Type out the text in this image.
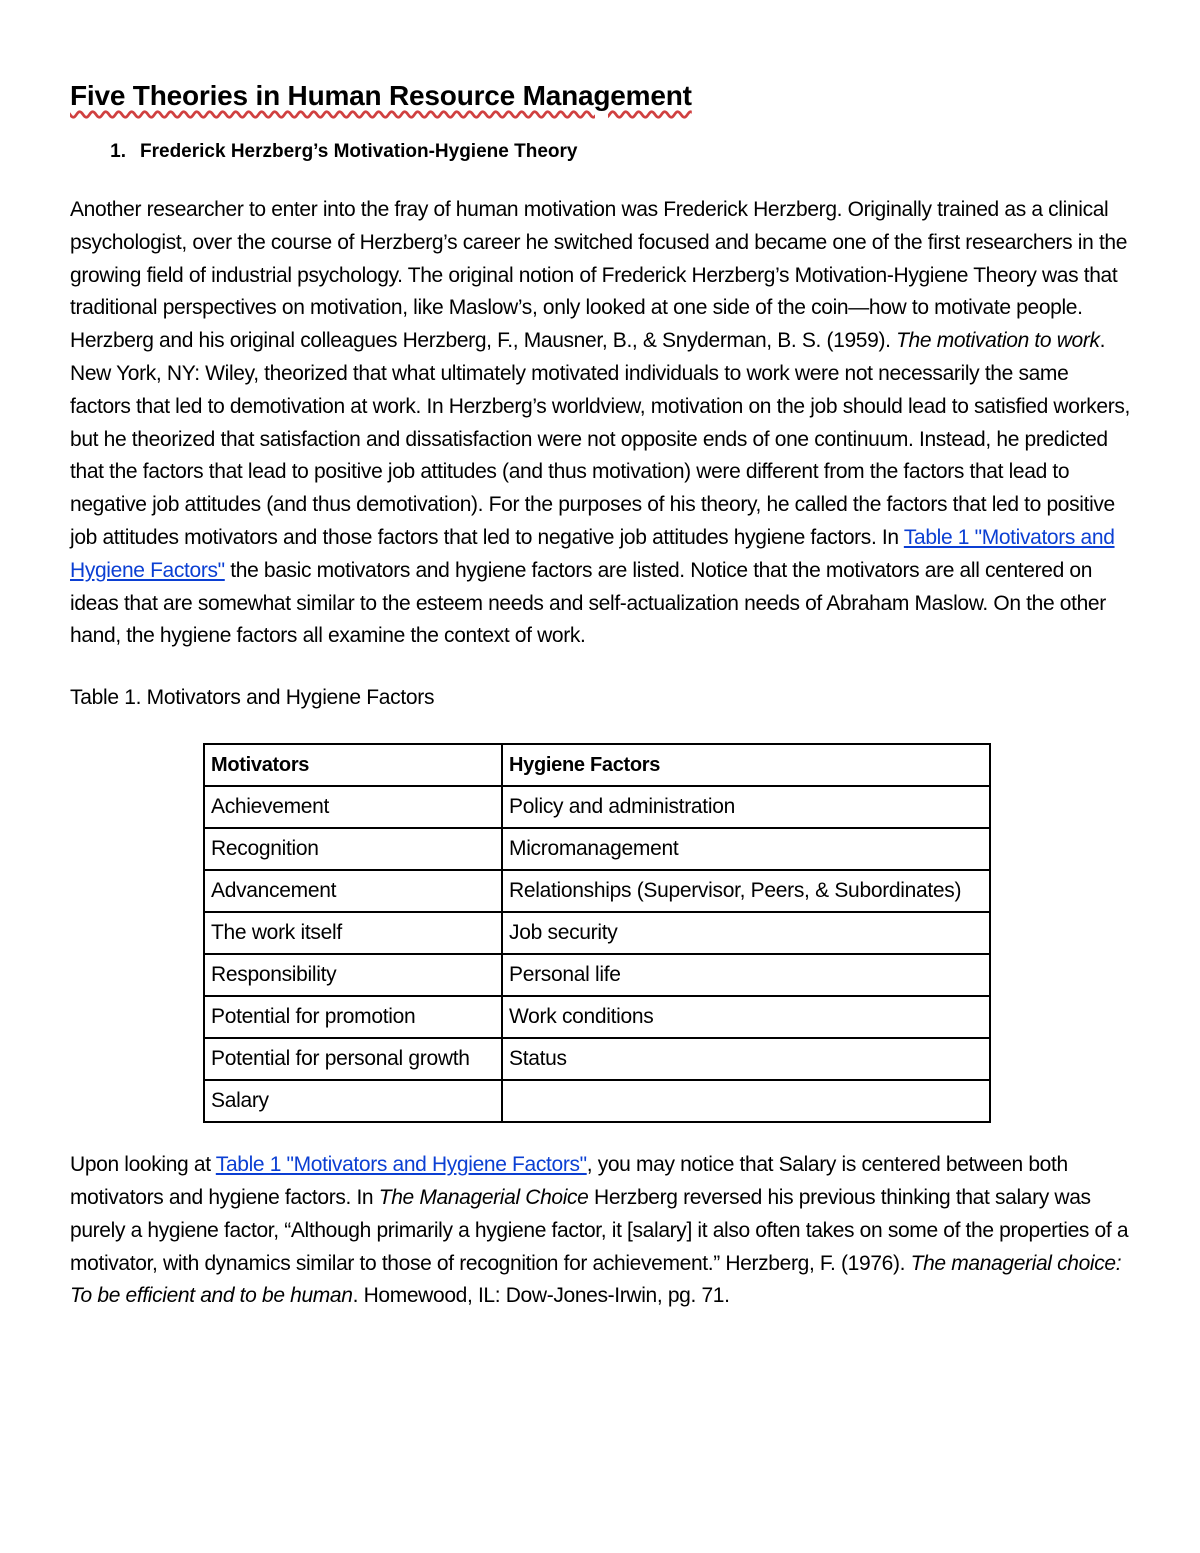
Five Theories in Human Resource Management
1. Frederick Herzberg’s Motivation-Hygiene Theory

Another researcher to enter into the fray of human motivation was Frederick Herzberg. Originally trained as a clinical psychologist, over the course of Herzberg’s career he switched focused and became one of the first researchers in the growing field of industrial psychology. The original notion of Frederick Herzberg’s Motivation-Hygiene Theory was that traditional perspectives on motivation, like Maslow’s, only looked at one side of the coin—how to motivate people. Herzberg and his original colleagues Herzberg, F., Mausner, B., & Snyderman, B. S. (1959). The motivation to work. New York, NY: Wiley, theorized that what ultimately motivated individuals to work were not necessarily the same factors that led to demotivation at work. In Herzberg’s worldview, motivation on the job should lead to satisfied workers, but he theorized that satisfaction and dissatisfaction were not opposite ends of one continuum. Instead, he predicted that the factors that lead to positive job attitudes (and thus motivation) were different from the factors that lead to negative job attitudes (and thus demotivation). For the purposes of his theory, he called the factors that led to positive job attitudes motivators and those factors that led to negative job attitudes hygiene factors. In Table 1 "Motivators and Hygiene Factors" the basic motivators and hygiene factors are listed. Notice that the motivators are all centered on ideas that are somewhat similar to the esteem needs and self-actualization needs of Abraham Maslow. On the other hand, the hygiene factors all examine the context of work.

Table 1. Motivators and Hygiene Factors

Motivators	Hygiene Factors
Achievement	Policy and administration
Recognition	Micromanagement
Advancement	Relationships (Supervisor, Peers, & Subordinates)
The work itself	Job security
Responsibility	Personal life
Potential for promotion	Work conditions
Potential for personal growth	Status
Salary	

Upon looking at Table 1 "Motivators and Hygiene Factors", you may notice that Salary is centered between both motivators and hygiene factors. In The Managerial Choice Herzberg reversed his previous thinking that salary was purely a hygiene factor, “Although primarily a hygiene factor, it [salary] it also often takes on some of the properties of a motivator, with dynamics similar to those of recognition for achievement.” Herzberg, F. (1976). The managerial choice: To be efficient and to be human. Homewood, IL: Dow-Jones-Irwin, pg. 71.
